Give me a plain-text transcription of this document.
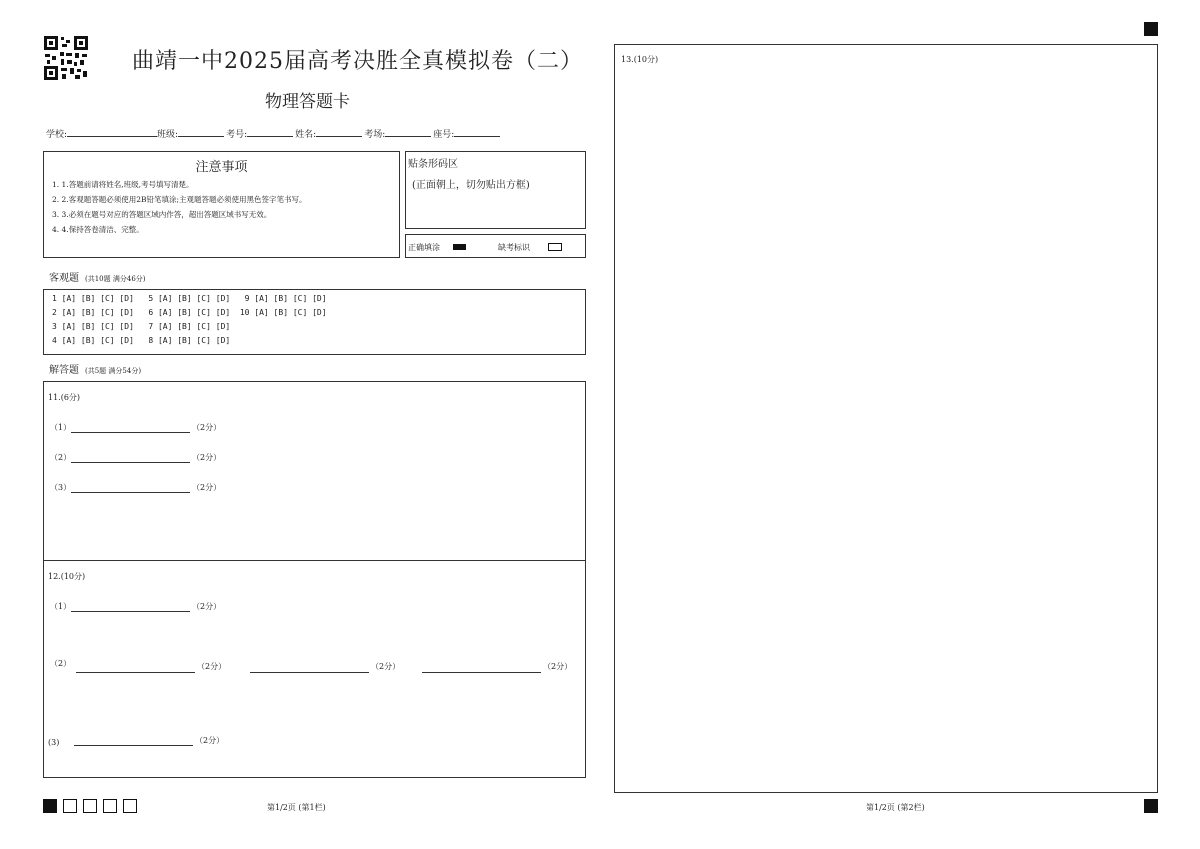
曲靖一中2025届高考决胜全真模拟卷（二）
物理答题卡
学校:	班级:	考号:	姓名:	考场:	座号:
注意事项
1. 1.答题前请将姓名,班级,考号填写清楚。
2. 2.客观题答题必须使用2B铅笔填涂;主观题答题必须使用黑色签字笔书写。
3. 3.必须在题号对应的答题区域内作答，超出答题区域书写无效。
4. 4.保持答卷清洁、完整。
贴条形码区
(正面朝上，切勿贴出方框)
正确填涂	缺考标识
客观题 (共10题 满分46分)
1 [A] [B] [C] [D]   5 [A] [B] [C] [D]   9 [A] [B] [C] [D]
2 [A] [B] [C] [D]   6 [A] [B] [C] [D]  10 [A] [B] [C] [D]
3 [A] [B] [C] [D]   7 [A] [B] [C] [D]
4 [A] [B] [C] [D]   8 [A] [B] [C] [D]
解答题 (共5题 满分54分)
11.(6分)
（1）	（2分）
（2）	（2分）
（3）	（2分）
12.(10分)
（1）	（2分）
（2）	（2分）	（2分）	（2分）
(3)	（2分）
13.(10分)
第1/2页 (第1栏)	第1/2页 (第2栏)
